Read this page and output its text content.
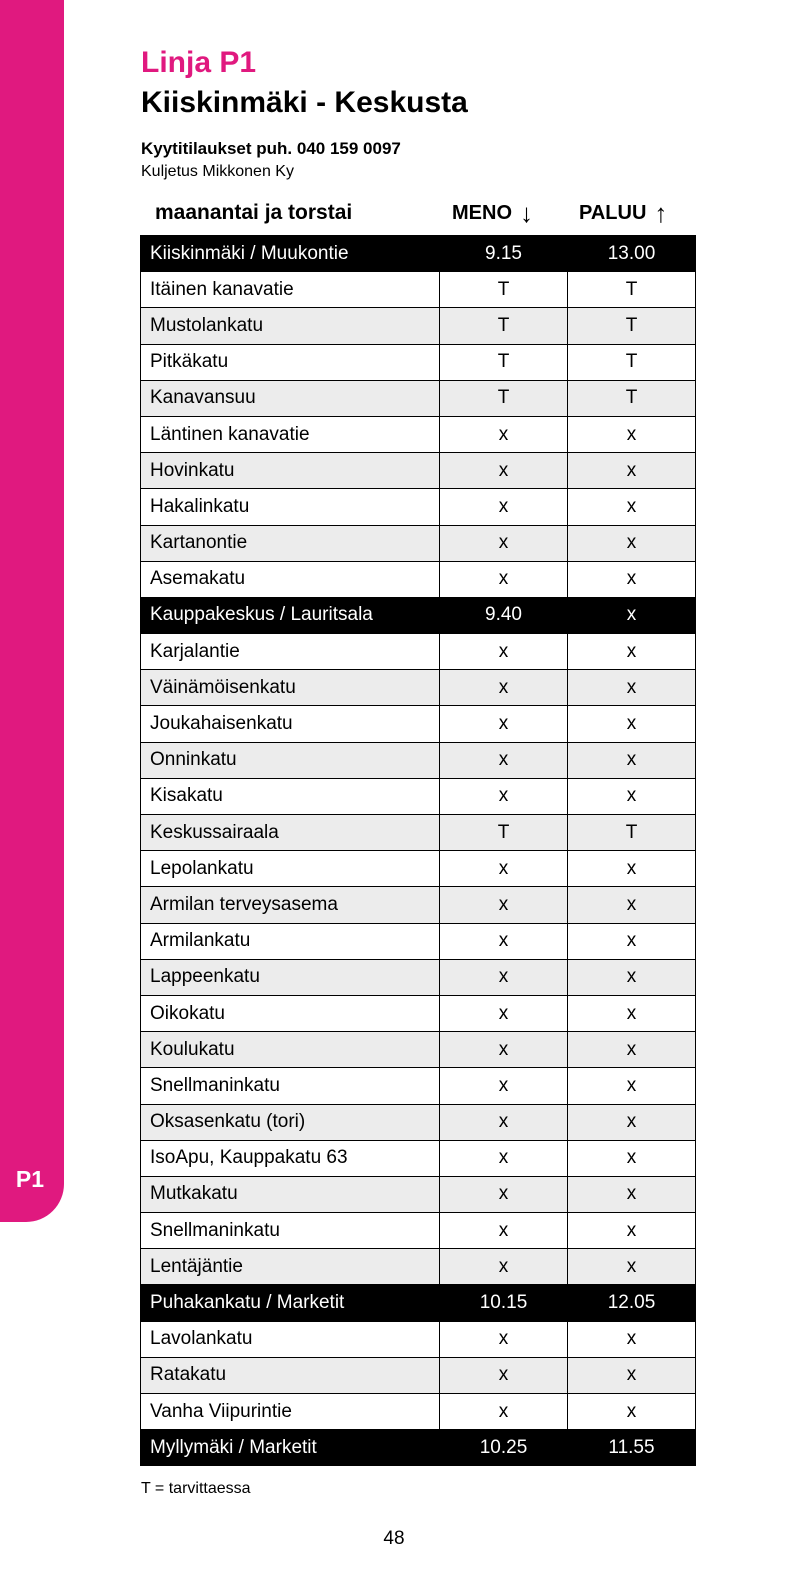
P1
Linja P1
Kiiskinmäki - Keskusta
Kyytitilaukset puh. 040 159 0097
Kuljetus Mikkonen Ky
maanantai ja torstai	MENO ↓ PALUU ↑
Kiiskinmäki / Muukontie	9.15	13.00
Itäinen kanavatie	T	T
Mustolankatu	T	T
Pitkäkatu	T	T
Kanavansuu	T	T
Läntinen kanavatie	x	x
Hovinkatu	x	x
Hakalinkatu	x	x
Kartanontie	x	x
Asemakatu	x	x
Kauppakeskus / Lauritsala	9.40	x
Karjalantie	x	x
Väinämöisenkatu	x	x
Joukahaisenkatu	x	x
Onninkatu	x	x
Kisakatu	x	x
Keskussairaala	T	T
Lepolankatu	x	x
Armilan terveysasema	x	x
Armilankatu	x	x
Lappeenkatu	x	x
Oikokatu	x	x
Koulukatu	x	x
Snellmaninkatu	x	x
Oksasenkatu (tori)	x	x
IsoApu, Kauppakatu 63	x	x
Mutkakatu	x	x
Snellmaninkatu	x	x
Lentäjäntie	x	x
Puhakankatu / Marketit	10.15	12.05
Lavolankatu	x	x
Ratakatu	x	x
Vanha Viipurintie	x	x
Myllymäki / Marketit	10.25	11.55
T = tarvittaessa
48
